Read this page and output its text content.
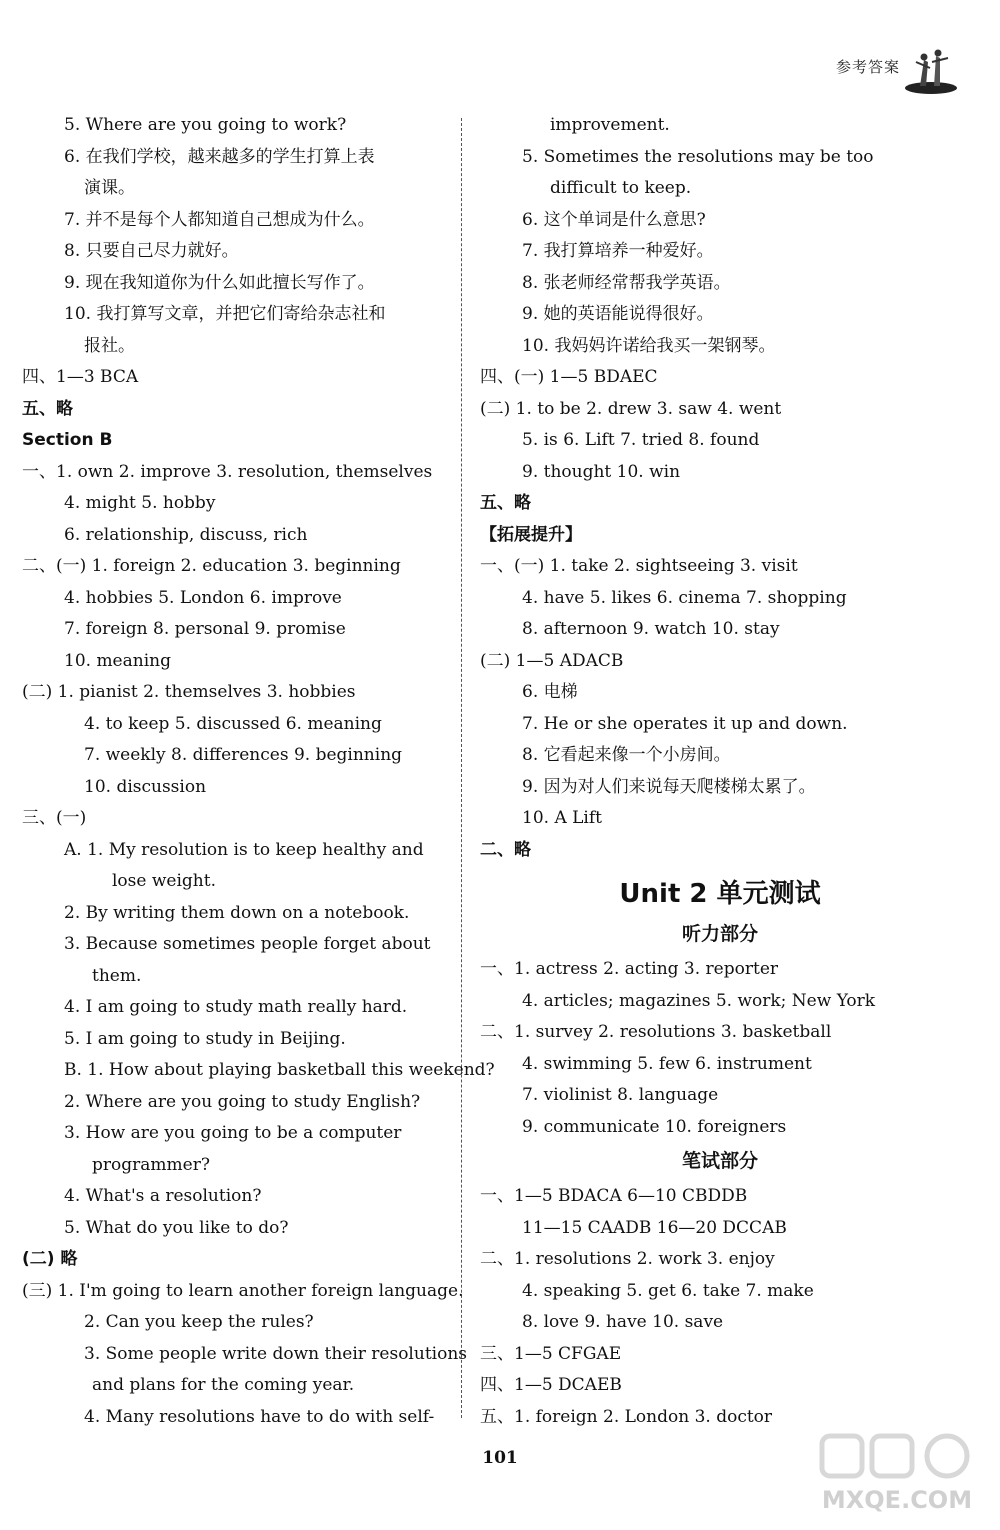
参考答案
5. Where are you going to work?
6. 在我们学校，越来越多的学生打算上表
演课。
7. 并不是每个人都知道自己想成为什么。
8. 只要自己尽力就好。
9. 现在我知道你为什么如此擅长写作了。
10. 我打算写文章，并把它们寄给杂志社和
报社。
四、1—3 BCA
五、略
Section B
一、1. own 2. improve 3. resolution, themselves
4. might 5. hobby
6. relationship, discuss, rich
二、(一) 1. foreign 2. education 3. beginning
4. hobbies 5. London 6. improve
7. foreign 8. personal 9. promise
10. meaning
(二) 1. pianist 2. themselves 3. hobbies
4. to keep 5. discussed 6. meaning
7. weekly 8. differences 9. beginning
10. discussion
三、(一)
A. 1. My resolution is to keep healthy and
lose weight.
2. By writing them down on a notebook.
3. Because sometimes people forget about
them.
4. I am going to study math really hard.
5. I am going to study in Beijing.
B. 1. How about playing basketball this weekend?
2. Where are you going to study English?
3. How are you going to be a computer
programmer?
4. What's a resolution?
5. What do you like to do?
(二) 略
(三) 1. I'm going to learn another foreign language.
2. Can you keep the rules?
3. Some people write down their resolutions
and plans for the coming year.
4. Many resolutions have to do with self-
improvement.
5. Sometimes the resolutions may be too
difficult to keep.
6. 这个单词是什么意思?
7. 我打算培养一种爱好。
8. 张老师经常帮我学英语。
9. 她的英语能说得很好。
10. 我妈妈许诺给我买一架钢琴。
四、(一) 1—5 BDAEC
(二) 1. to be 2. drew 3. saw 4. went
5. is 6. Lift 7. tried 8. found
9. thought 10. win
五、略
【拓展提升】
一、(一) 1. take 2. sightseeing 3. visit
4. have 5. likes 6. cinema 7. shopping
8. afternoon 9. watch 10. stay
(二) 1—5 ADACB
6. 电梯
7. He or she operates it up and down.
8. 它看起来像一个小房间。
9. 因为对人们来说每天爬楼梯太累了。
10. A Lift
二、略
Unit 2 单元测试
听力部分
一、1. actress 2. acting 3. reporter
4. articles; magazines 5. work; New York
二、1. survey 2. resolutions 3. basketball
4. swimming 5. few 6. instrument
7. violinist 8. language
9. communicate 10. foreigners
笔试部分
一、1—5 BDACA 6—10 CBDDB
11—15 CAADB 16—20 DCCAB
二、1. resolutions 2. work 3. enjoy
4. speaking 5. get 6. take 7. make
8. love 9. have 10. save
三、1—5 CFGAE
四、1—5 DCAEB
五、1. foreign 2. London 3. doctor
101
MXQE.COM
